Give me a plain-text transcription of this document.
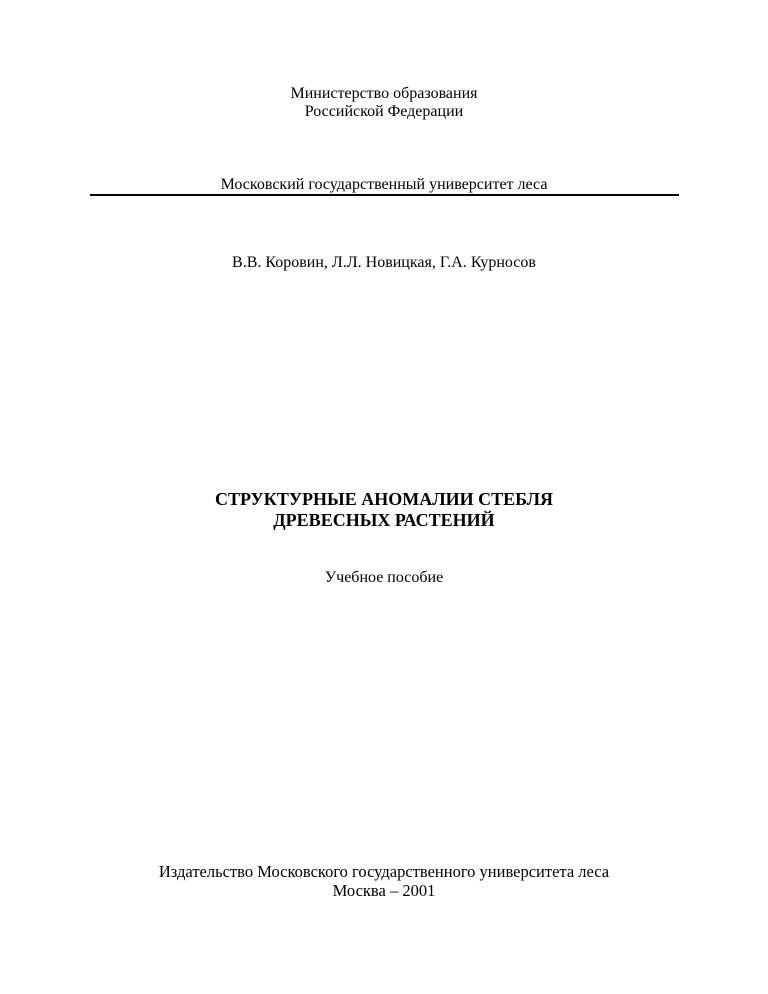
Министерство образования
Российской Федерации
Московский государственный университет леса
В.В. Коровин, Л.Л. Новицкая, Г.А. Курносов
СТРУКТУРНЫЕ АНОМАЛИИ СТЕБЛЯ
ДРЕВЕСНЫХ РАСТЕНИЙ
Учебное пособие
Издательство Московского государственного университета леса
Москва – 2001
